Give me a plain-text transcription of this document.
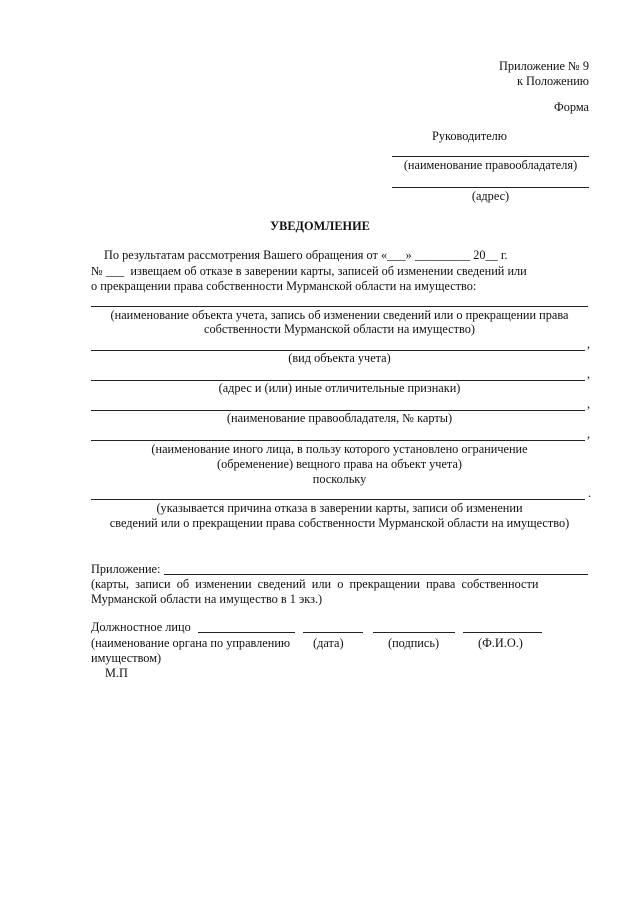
Приложение № 9
к Положению
Форма
Руководителю
(наименование правообладателя)
(адрес)
УВЕДОМЛЕНИЕ
По результатам рассмотрения Вашего обращения от «___» _________ 20__ г.
№ ___  извещаем об отказе в заверении карты, записей об изменении сведений или
о прекращении права собственности Мурманской области на имущество:
(наименование объекта учета, запись об изменении сведений или о прекращении права
собственности Мурманской области на имущество)
,
(вид объекта учета)
,
(адрес и (или) иные отличительные признаки)
,
(наименование правообладателя, № карты)
,
(наименование иного лица, в пользу которого установлено ограничение
(обременение) вещного права на объект учета)
поскольку
.
(указывается причина отказа в заверении карты, записи об изменении
сведений или о прекращении права собственности Мурманской области на имущество)
Приложение:
(карты,  записи  об  изменении  сведений  или  о  прекращении  права  собственности
Мурманской области на имущество в 1 экз.)
Должностное лицо
(наименование органа по управлению (дата)	(подпись)	(Ф.И.О.)
имуществом)
М.П
